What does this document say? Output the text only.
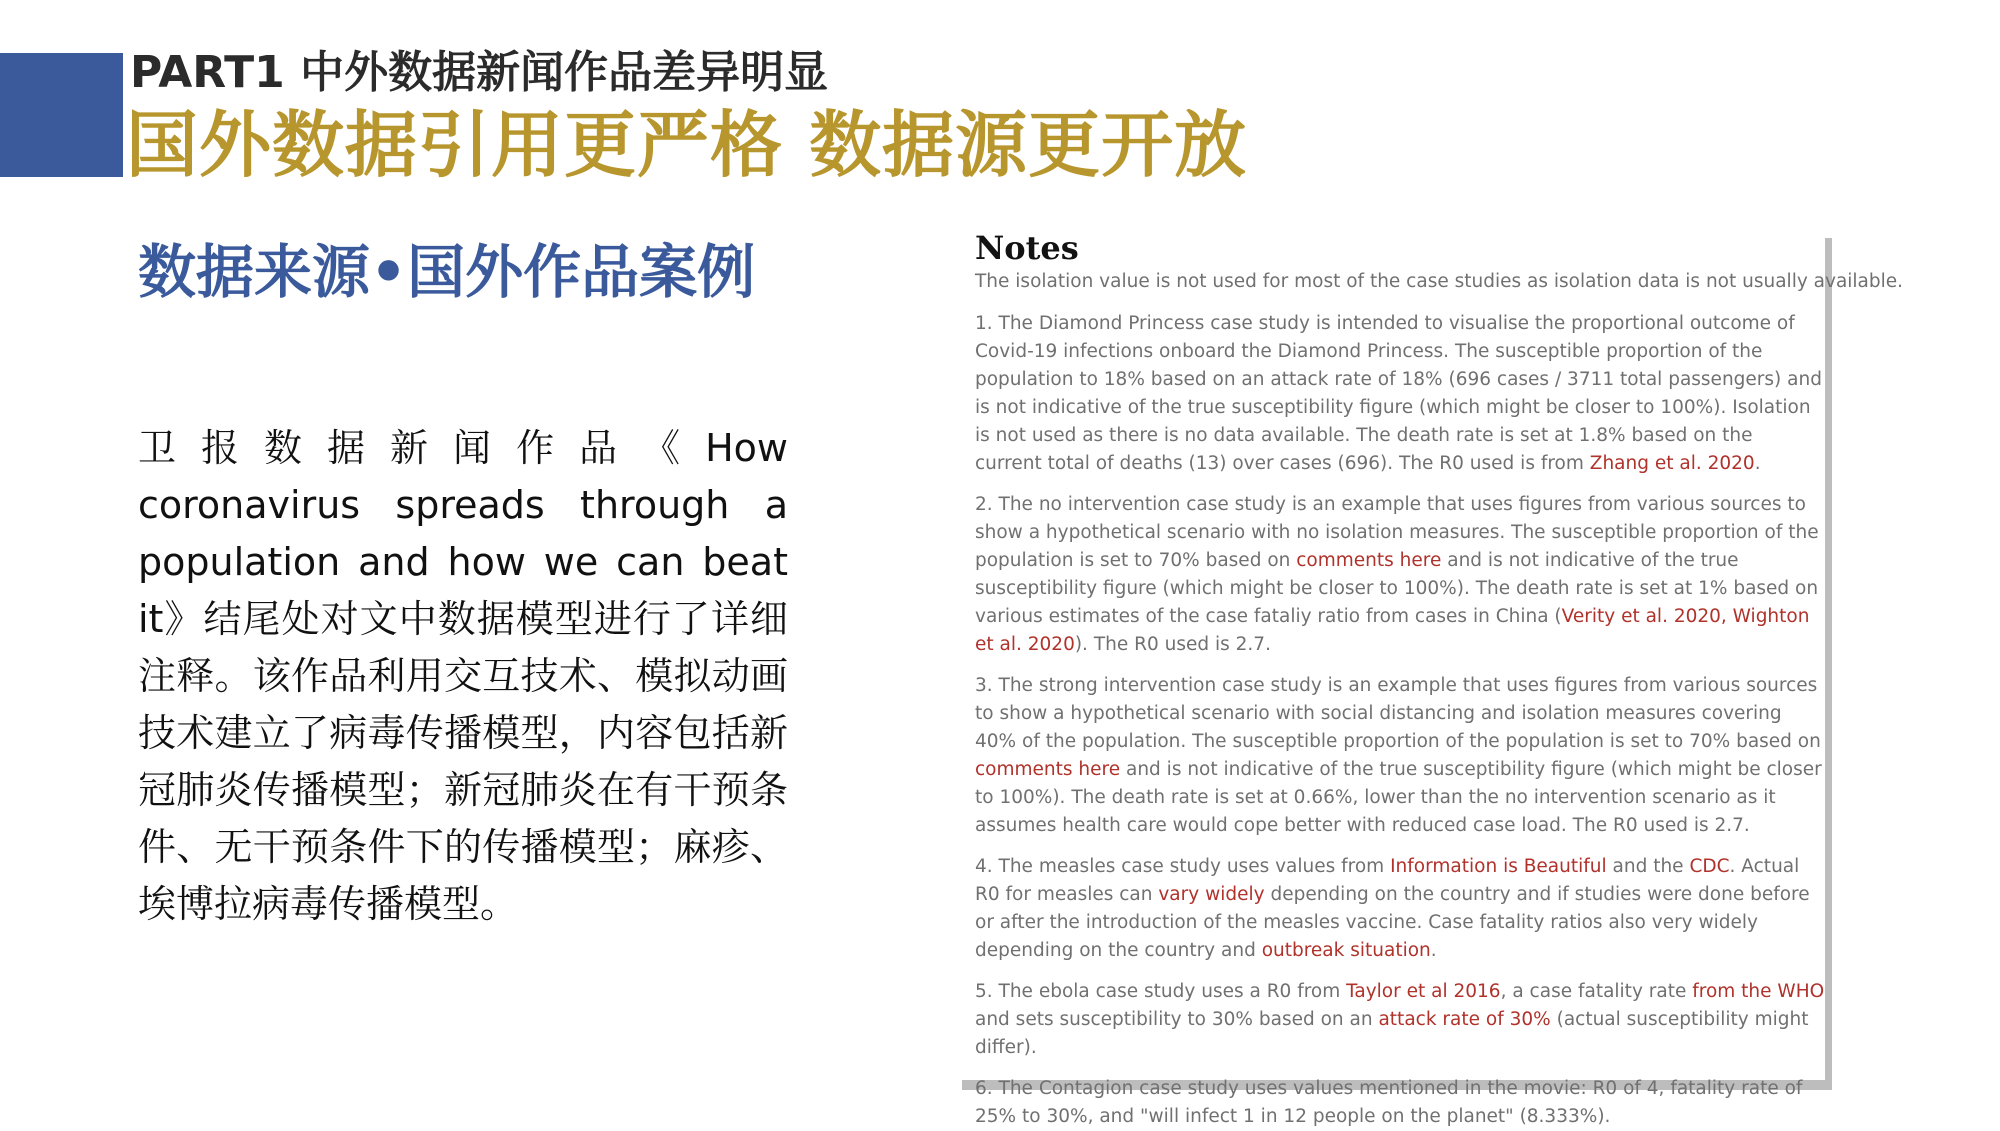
PART1 中外数据新闻作品差异明显
国外数据引用更严格 数据源更开放
数据来源•国外作品案例

卫报数据新闻作品《How coronavirus spreads through a population and how we can beat it》结尾处对文中数据模型进行了详细注释。该作品利用交互技术、模拟动画技术建立了病毒传播模型，内容包括新冠肺炎传播模型；新冠肺炎在有干预条件、无干预条件下的传播模型；麻疹、埃博拉病毒传播模型。

Notes

The isolation value is not used for most of the case studies as isolation data is not usually available.

1. The Diamond Princess case study is intended to visualise the proportional outcome of Covid-19 infections onboard the Diamond Princess. The susceptible proportion of the population to 18% based on an attack rate of 18% (696 cases / 3711 total passengers) and is not indicative of the true susceptibility figure (which might be closer to 100%). Isolation is not used as there is no data available. The death rate is set at 1.8% based on the current total of deaths (13) over cases (696). The R0 used is from Zhang et al. 2020.

2. The no intervention case study is an example that uses figures from various sources to show a hypothetical scenario with no isolation measures. The susceptible proportion of the population is set to 70% based on comments here and is not indicative of the true susceptibility figure (which might be closer to 100%). The death rate is set at 1% based on various estimates of the case fataliy ratio from cases in China (Verity et al. 2020, Wighton et al. 2020). The R0 used is 2.7.

3. The strong intervention case study is an example that uses figures from various sources to show a hypothetical scenario with social distancing and isolation measures covering 40% of the population. The susceptible proportion of the population is set to 70% based on comments here and is not indicative of the true susceptibility figure (which might be closer to 100%). The death rate is set at 0.66%, lower than the no intervention scenario as it assumes health care would cope better with reduced case load. The R0 used is 2.7.

4. The measles case study uses values from Information is Beautiful and the CDC. Actual R0 for measles can vary widely depending on the country and if studies were done before or after the introduction of the measles vaccine. Case fatality ratios also very widely depending on the country and outbreak situation.

5. The ebola case study uses a R0 from Taylor et al 2016, a case fatality rate from the WHO and sets susceptibility to 30% based on an attack rate of 30% (actual susceptibility might differ).

6. The Contagion case study uses values mentioned in the movie: R0 of 4, fatality rate of 25% to 30%, and "will infect 1 in 12 people on the planet" (8.333%).
